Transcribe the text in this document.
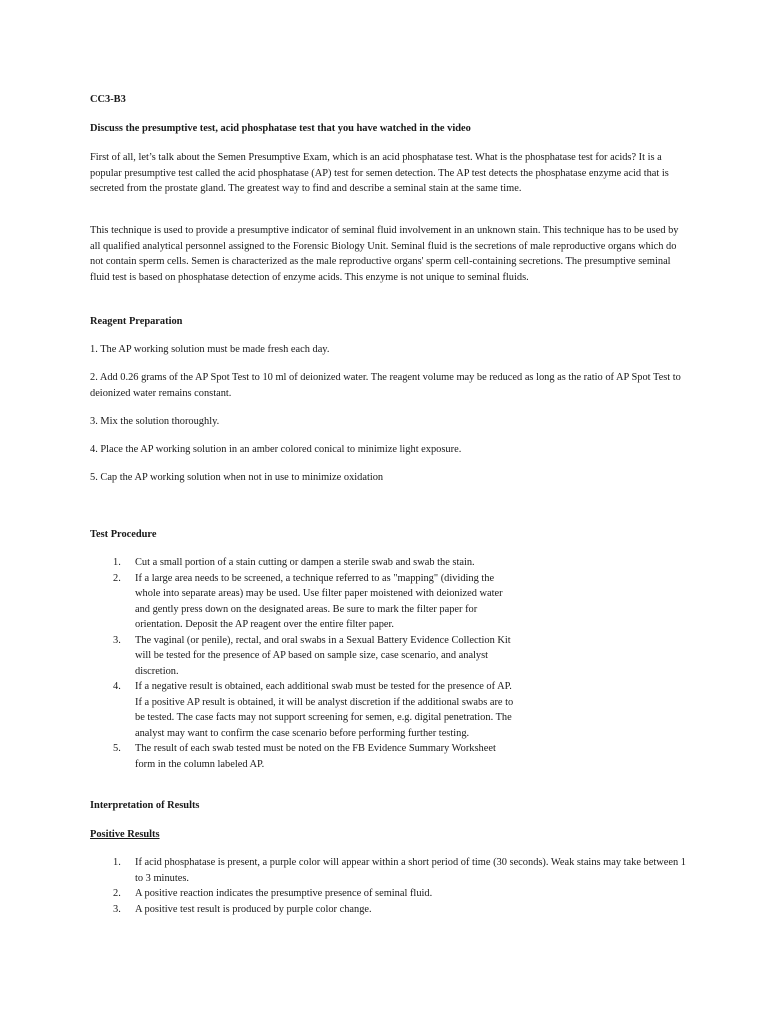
CC3-B3

Discuss the presumptive test, acid phosphatase test that you have watched in the video

First of all, let’s talk about the Semen Presumptive Exam, which is an acid phosphatase test. What is the phosphatase test for acids? It is a popular presumptive test called the acid phosphatase (AP) test for semen detection. The AP test detects the phosphatase enzyme acid that is secreted from the prostate gland. The greatest way to find and describe a seminal stain at the same time.

This technique is used to provide a presumptive indicator of seminal fluid involvement in an unknown stain. This technique has to be used by all qualified analytical personnel assigned to the Forensic Biology Unit. Seminal fluid is the secretions of male reproductive organs which do not contain sperm cells. Semen is characterized as the male reproductive organs' sperm cell-containing secretions. The presumptive seminal fluid test is based on phosphatase detection of enzyme acids. This enzyme is not unique to seminal fluids.

Reagent Preparation

1. The AP working solution must be made fresh each day.

2. Add 0.26 grams of the AP Spot Test to 10 ml of deionized water. The reagent volume may be reduced as long as the ratio of AP Spot Test to deionized water remains constant.

3. Mix the solution thoroughly.

4. Place the AP working solution in an amber colored conical to minimize light exposure.

5. Cap the AP working solution when not in use to minimize oxidation

Test Procedure

1. Cut a small portion of a stain cutting or dampen a sterile swab and swab the stain.
2. If a large area needs to be screened, a technique referred to as "mapping" (dividing the whole into separate areas) may be used. Use filter paper moistened with deionized water and gently press down on the designated areas. Be sure to mark the filter paper for orientation. Deposit the AP reagent over the entire filter paper.
3. The vaginal (or penile), rectal, and oral swabs in a Sexual Battery Evidence Collection Kit will be tested for the presence of AP based on sample size, case scenario, and analyst discretion.
4. If a negative result is obtained, each additional swab must be tested for the presence of AP. If a positive AP result is obtained, it will be analyst discretion if the additional swabs are to be tested. The case facts may not support screening for semen, e.g. digital penetration. The analyst may want to confirm the case scenario before performing further testing.
5. The result of each swab tested must be noted on the FB Evidence Summary Worksheet form in the column labeled AP.

Interpretation of Results

Positive Results

1. If acid phosphatase is present, a purple color will appear within a short period of time (30 seconds). Weak stains may take between 1 to 3 minutes.
2. A positive reaction indicates the presumptive presence of seminal fluid.
3. A positive test result is produced by purple color change.
